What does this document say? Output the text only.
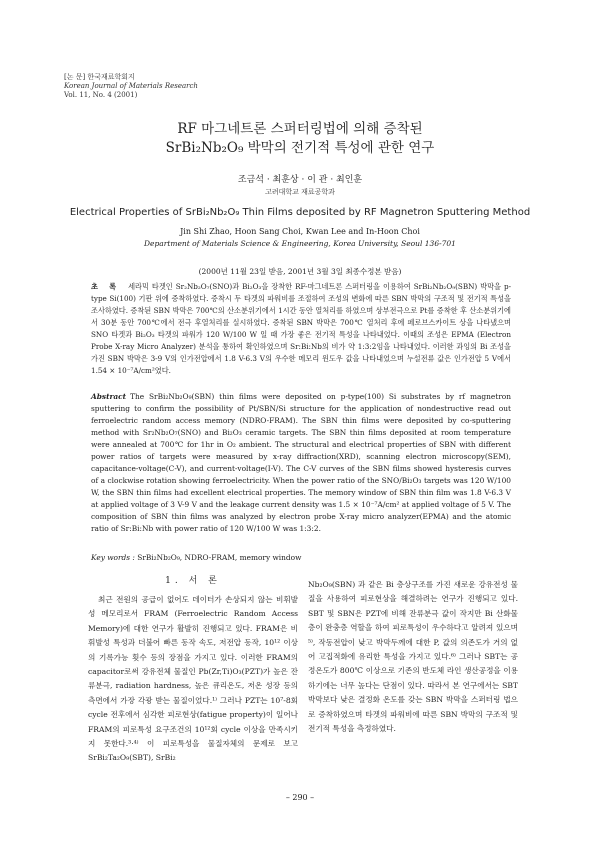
[논 문] 한국재료학회지
Korean Journal of Materials Research
Vol. 11, No. 4 (2001)
RF 마그네트론 스퍼터링법에 의해 증착된
SrBi₂Nb₂O₉ 박막의 전기적 특성에 관한 연구
조금석 · 최훈상 · 이 관 · 최인훈
고려대학교 재료공학과
Electrical Properties of SrBi₂Nb₂O₉ Thin Films deposited by RF Magnetron Sputtering Method
Jin Shi Zhao, Hoon Sang Choi, Kwan Lee and In-Hoon Choi
Department of Materials Science & Engineering, Korea University, Seoul 136-701
(2000년 11월 23일 받음, 2001년 3월 3일 최종수정본 받음)
초 록 세라믹 타겟인 Sr₂Nb₂O₇(SNO)과 Bi₂O₃을 장착한 RF-마그네트론 스퍼터링을 이용하여 SrBi₂Nb₂O₉(SBN) 박막을 p-type Si(100) 기판 위에 증착하였다. 증착시 두 타겟의 파워비를 조절하여 조성의 변화에 따른 SBN 박막의 구조적 및 전기적 특성을 조사하였다. 증착된 SBN 박막은 700℃의 산소분위기에서 1시간 동안 열처리를 하였으며 상부전극으로 Pt를 증착한 후 산소분위기에서 30분 동안 700℃에서 전극 후열처리를 실시하였다. 증착된 SBN 박막은 700℃ 열처리 후에 페로브스카이트 상을 나타냈으며 SNO 타겟과 Bi₂O₃ 타겟의 파워가 120 W/100 W 일 때 가장 좋은 전기적 특성을 나타내었다. 이때의 조성은 EPMA (Electron Probe X-ray Micro Analyzer) 분석을 통하여 확인하였으며 Sr:Bi:Nb의 비가 약 1:3:2임을 나타내었다. 이러한 과잉의 Bi 조성을 가진 SBN 박막은 3-9 V의 인가전압에서 1.8 V-6.3 V의 우수한 메모리 윈도우 값을 나타내었으며 누설전류 값은 인가전압 5 V에서 1.54 × 10⁻⁷A/cm²였다.
Abstract The SrBi₂Nb₂O₉(SBN) thin films were deposited on p-type(100) Si substrates by rf magnetron sputtering to confirm the possibility of Pt/SBN/Si structure for the application of nondestructive read out ferroelectric random access memory (NDRO-FRAM). The SBN thin films were deposited by co-sputtering method with Sr₂Nb₂O₇(SNO) and Bi₂O₃ ceramic targets. The SBN thin films deposited at room temperature were annealed at 700℃ for 1hr in O₂ ambient. The structural and electrical properties of SBN with different power ratios of targets were measured by x-ray diffraction(XRD), scanning electron microscopy(SEM), capacitance-voltage(C-V), and current-voltage(I-V). The C-V curves of the SBN films showed hysteresis curves of a clockwise rotation showing ferroelectricity. When the power ratio of the SNO/Bi₂O₃ targets was 120 W/100 W, the SBN thin films had excellent electrical properties. The memory window of SBN thin film was 1.8 V-6.3 V at applied voltage of 3 V-9 V and the leakage current density was 1.5 × 10⁻⁷A/cm² at applied voltage of 5 V. The composition of SBN thin films was analyzed by electron probe X-ray micro analyzer(EPMA) and the atomic ratio of Sr:Bi:Nb with power ratio of 120 W/100 W was 1:3:2.
Key words : SrBi₂Nb₂O₉, NDRO-FRAM, memory window
1. 서 론

최근 전원의 공급이 없어도 데이터가 손상되지 않는 비휘발성 메모리로서 FRAM (Ferroelectric Random Access Memory)에 대한 연구가 활발히 진행되고 있다. FRAM은 비휘발성 특성과 더불어 빠른 동작 속도, 저전압 동작, 10¹² 이상의 기록가능 횟수 등의 장점을 가지고 있다. 이러한 FRAM의 capacitor로써 강유전체 물질인 Pb(Zr,Ti)O₃(PZT)가 높은 잔류분극, radiation hardness, 높은 큐리온도, 저온 성장 등의 측면에서 가장 각광 받는 물질이었다.¹⁾ 그러나 PZT는 10⁷-8회 cycle 전후에서 심각한 피로현상(fatigue property)이 일어나 FRAM의 피로특성 요구조건의 10¹²회 cycle 이상을 만족시키지 못한다.³·⁴⁾ 이 피로특성을 물질자체의 문제로 보고 SrBi₂Ta₂O₉(SBT), SrBi₂

Nb₂O₉(SBN) 과 같은 Bi 층상구조를 가진 새로운 강유전성 물질을 사용하여 피로현상을 해결하려는 연구가 진행되고 있다. SBT 및 SBN은 PZT에 비해 잔류분극 값이 작지만 Bi 산화물 층이 완충층 역할을 하여 피로특성이 우수하다고 알려져 있으며⁵⁾, 작동전압이 낮고 박막두께에 대한 P, 값의 의존도가 거의 없어 고집적화에 유리한 특성을 가지고 있다.⁶⁾ 그러나 SBT는 공정온도가 800℃ 이상으로 기존의 반도체 라인 생산공정을 이용하기에는 너무 높다는 단점이 있다. 따라서 본 연구에서는 SBT 박막보다 낮은 결정화 온도를 갖는 SBN 박막을 스퍼터링 법으로 증착하였으며 타겟의 파워비에 따른 SBN 박막의 구조적 및 전기적 특성을 측정하였다.

– 290 –
